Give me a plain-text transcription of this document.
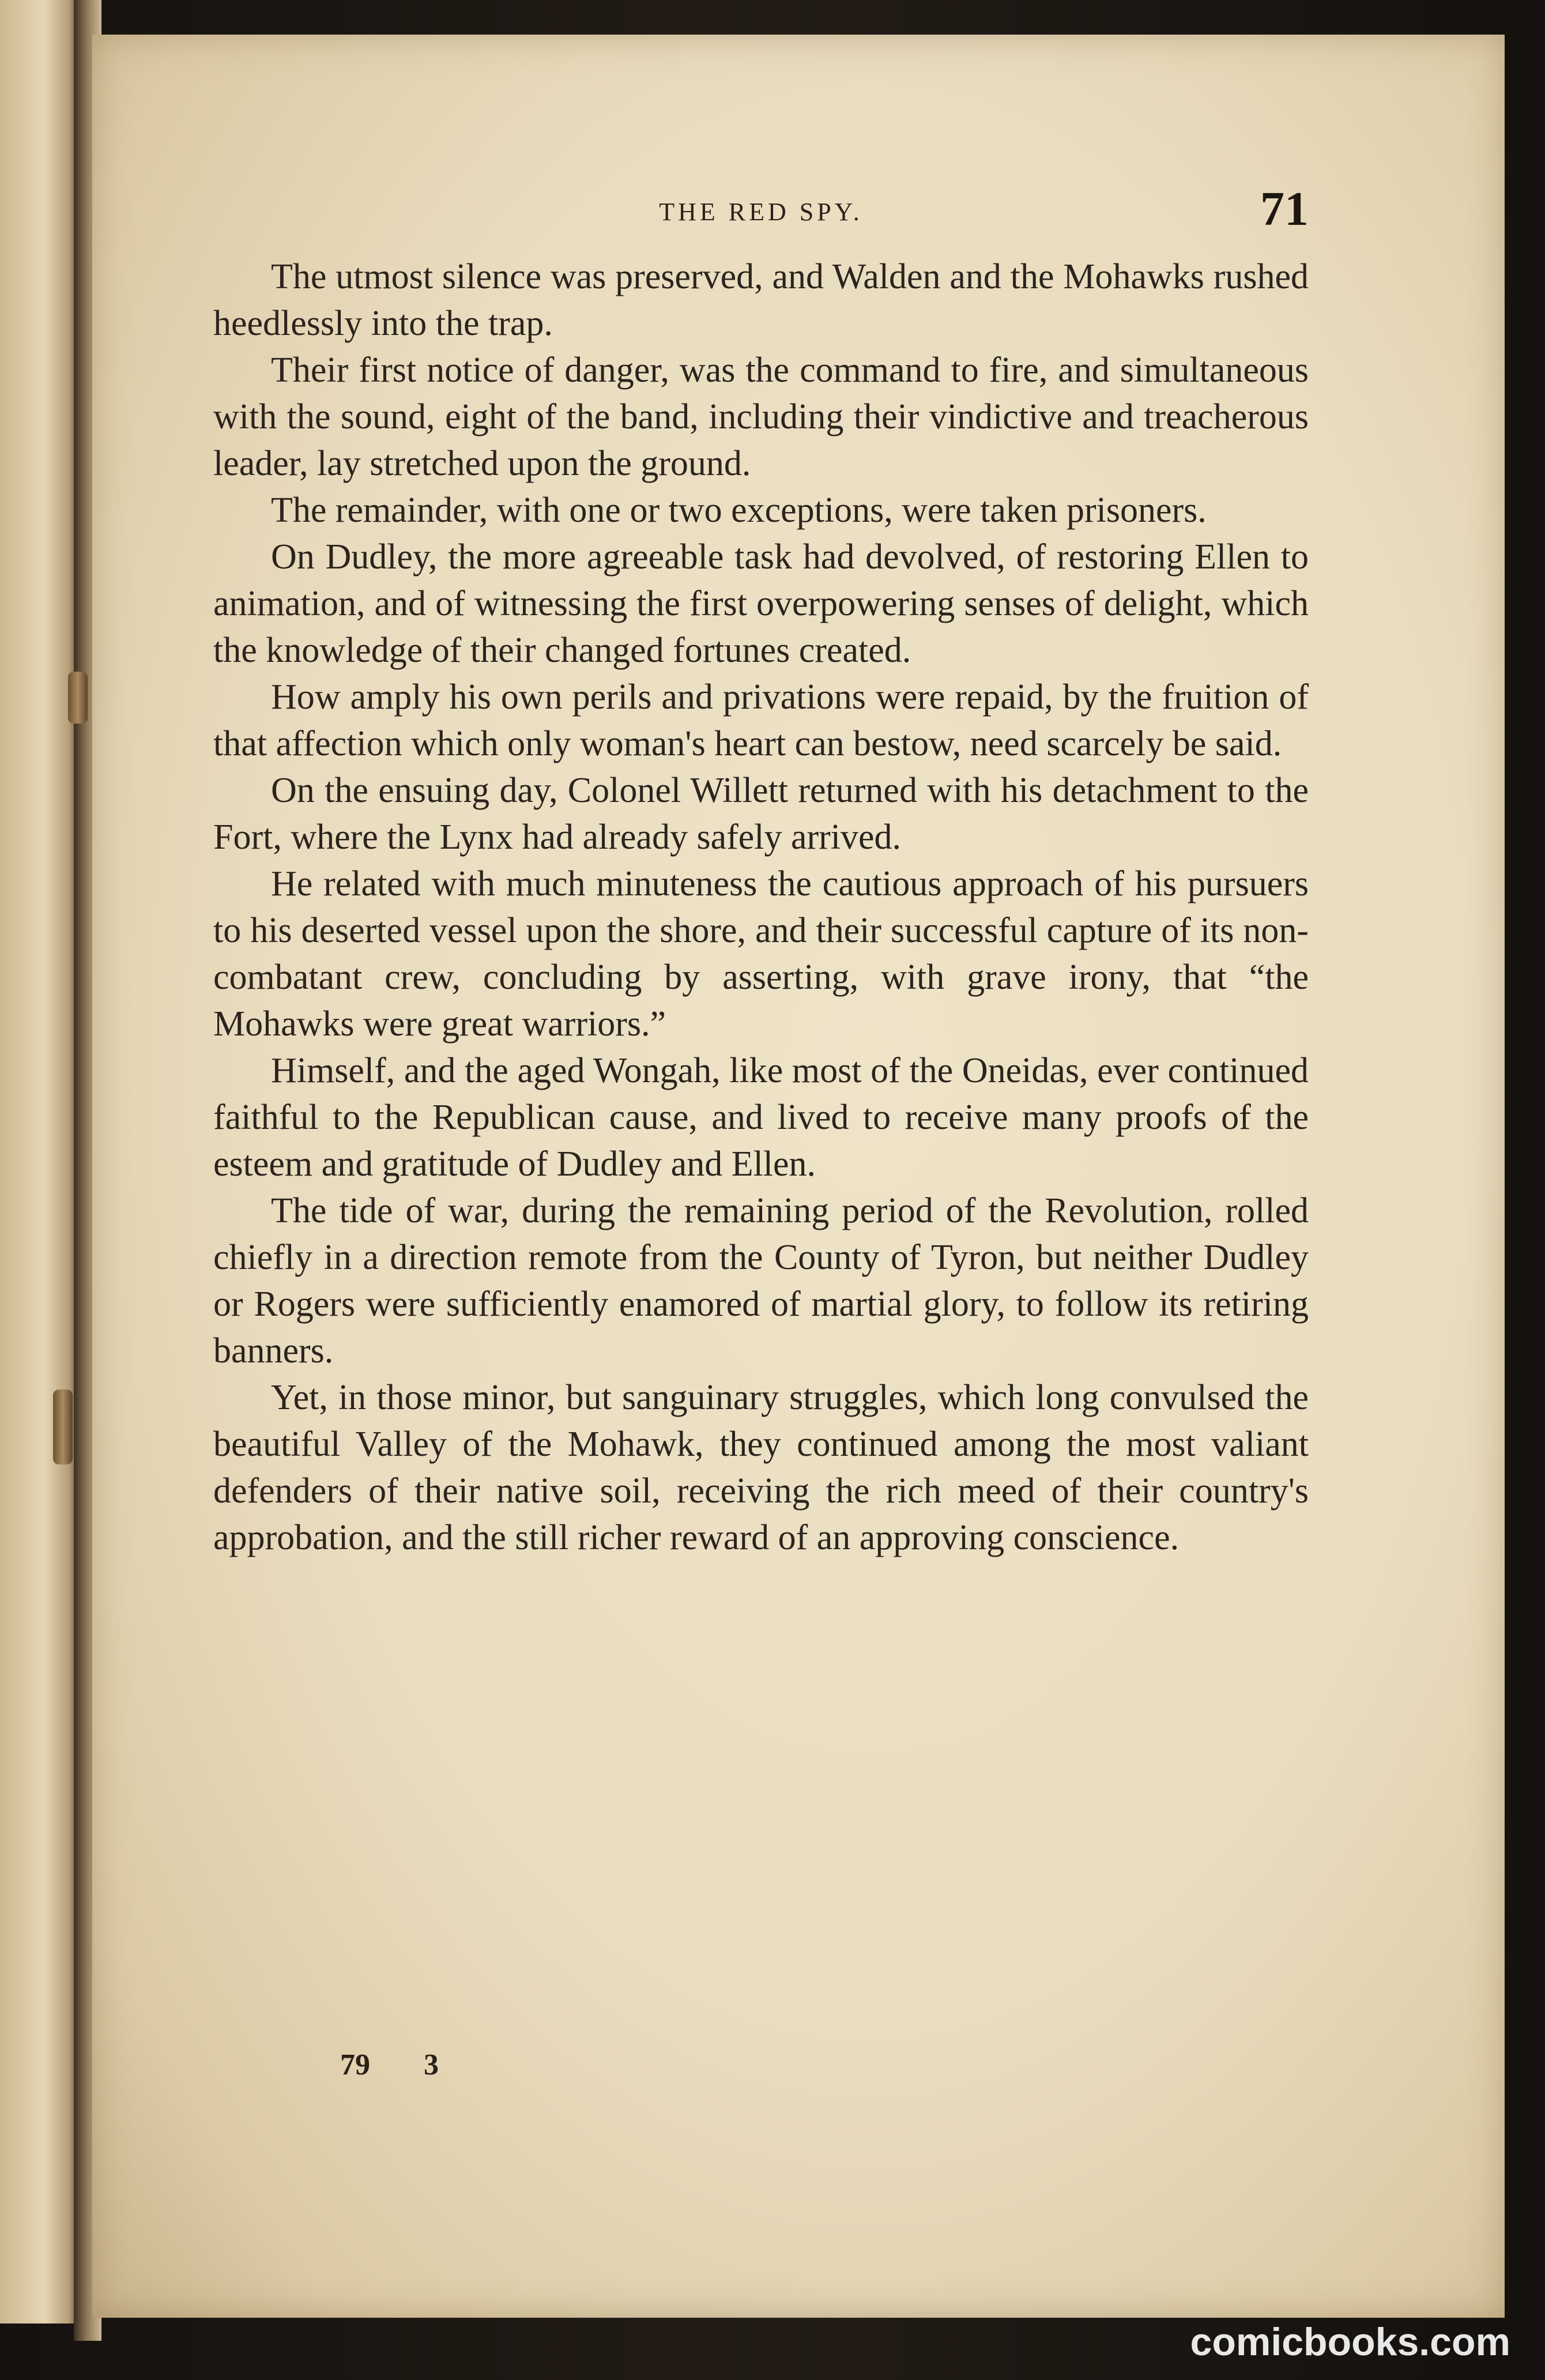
THE RED SPY.	71

The utmost silence was preserved, and Walden and the Mohawks rushed heedlessly into the trap.

Their first notice of danger, was the command to fire, and simultaneous with the sound, eight of the band, including their vindictive and treacherous leader, lay stretched upon the ground.

The remainder, with one or two exceptions, were taken prisoners.

On Dudley, the more agreeable task had devolved, of restoring Ellen to animation, and of witnessing the first overpowering senses of delight, which the knowledge of their changed fortunes created.

How amply his own perils and privations were repaid, by the fruition of that affection which only woman's heart can bestow, need scarcely be said.

On the ensuing day, Colonel Willett returned with his detachment to the Fort, where the Lynx had already safely arrived.

He related with much minuteness the cautious approach of his pursuers to his deserted vessel upon the shore, and their successful capture of its non-combatant crew, concluding by asserting, with grave irony, that “the Mohawks were great warriors.”

Himself, and the aged Wongah, like most of the Oneidas, ever continued faithful to the Republican cause, and lived to receive many proofs of the esteem and gratitude of Dudley and Ellen.

The tide of war, during the remaining period of the Revolution, rolled chiefly in a direction remote from the County of Tyron, but neither Dudley or Rogers were sufficiently enamored of martial glory, to follow its retiring banners.

Yet, in those minor, but sanguinary struggles, which long convulsed the beautiful Valley of the Mohawk, they continued among the most valiant defenders of their native soil, receiving the rich meed of their country's approbation, and the still richer reward of an approving conscience.

79 3
comicbooks.com
